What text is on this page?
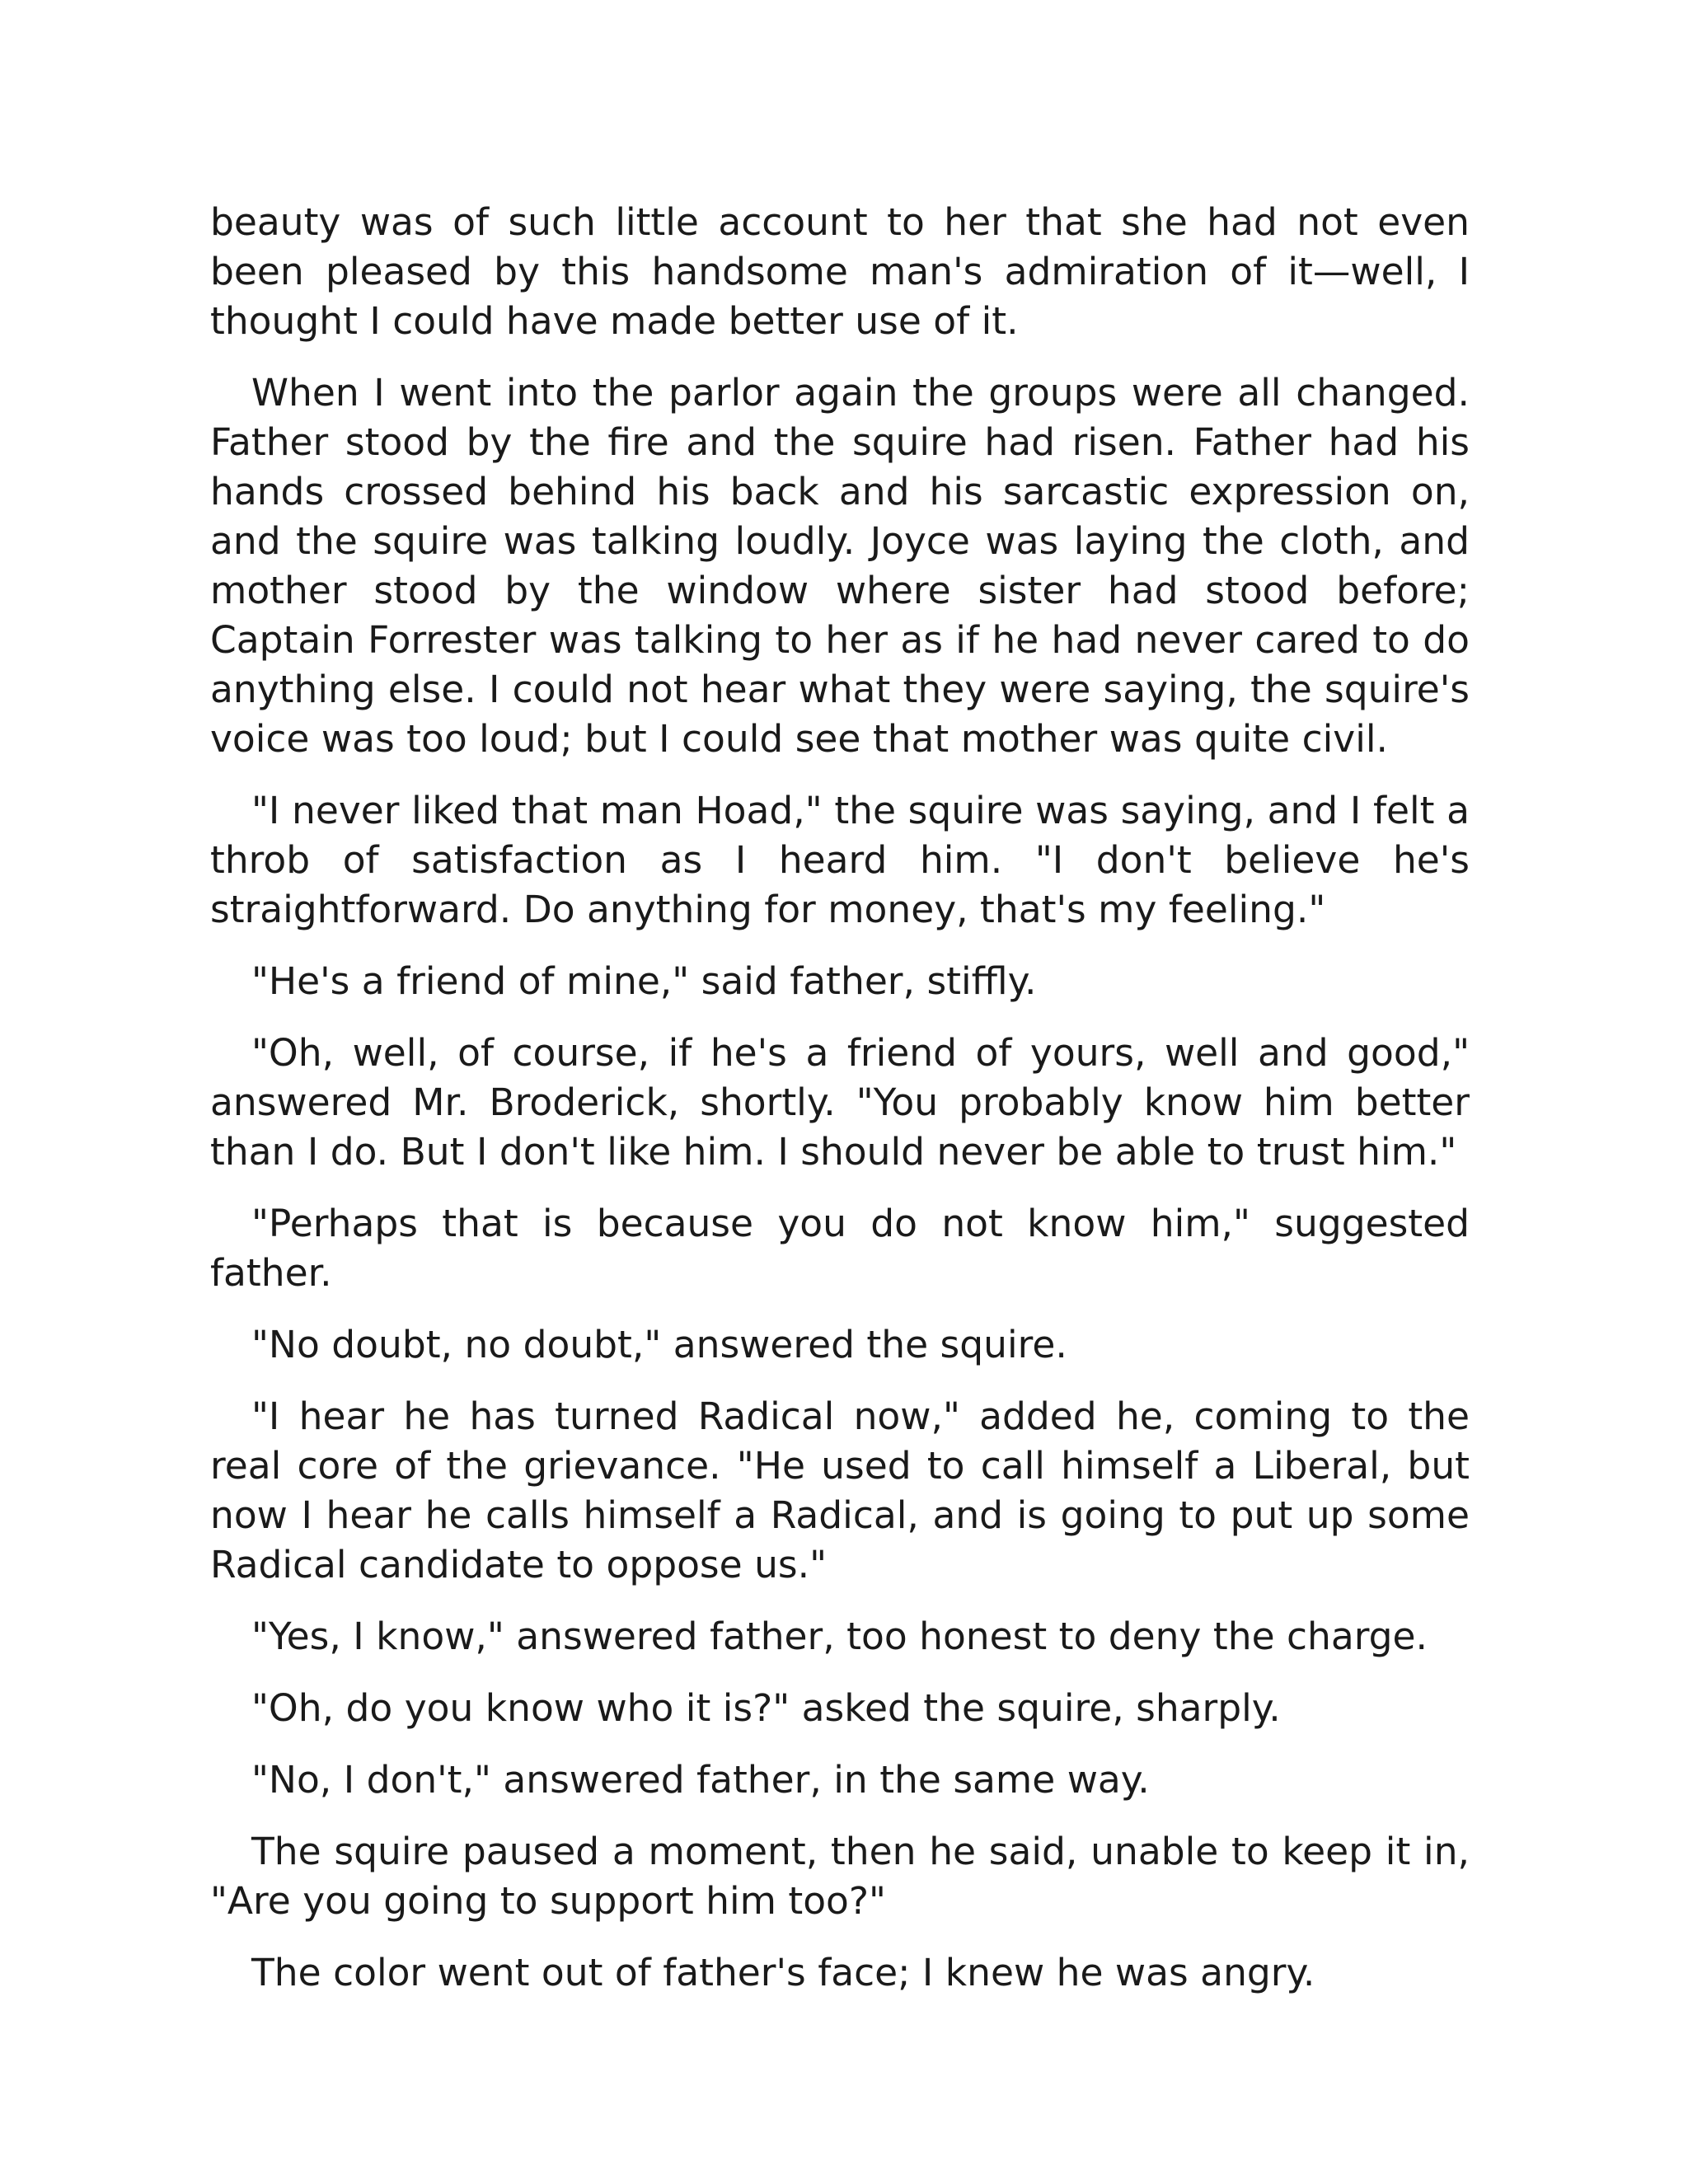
beauty was of such little account to her that she had not even been pleased by this handsome man's admiration of it—well, I thought I could have made better use of it.

When I went into the parlor again the groups were all changed. Father stood by the fire and the squire had risen. Father had his hands crossed behind his back and his sarcastic expression on, and the squire was talking loudly. Joyce was laying the cloth, and mother stood by the window where sister had stood before; Captain Forrester was talking to her as if he had never cared to do anything else. I could not hear what they were saying, the squire's voice was too loud; but I could see that mother was quite civil.

"I never liked that man Hoad," the squire was saying, and I felt a throb of satisfaction as I heard him. "I don't believe he's straightforward. Do anything for money, that's my feeling."

"He's a friend of mine," said father, stiffly.

"Oh, well, of course, if he's a friend of yours, well and good," answered Mr. Broderick, shortly. "You probably know him better than I do. But I don't like him. I should never be able to trust him."

"Perhaps that is because you do not know him," suggested father.

"No doubt, no doubt," answered the squire.

"I hear he has turned Radical now," added he, coming to the real core of the grievance. "He used to call himself a Liberal, but now I hear he calls himself a Radical, and is going to put up some Radical candidate to oppose us."

"Yes, I know," answered father, too honest to deny the charge.

"Oh, do you know who it is?" asked the squire, sharply.

"No, I don't," answered father, in the same way.

The squire paused a moment, then he said, unable to keep it in, "Are you going to support him too?"

The color went out of father's face; I knew he was angry.
